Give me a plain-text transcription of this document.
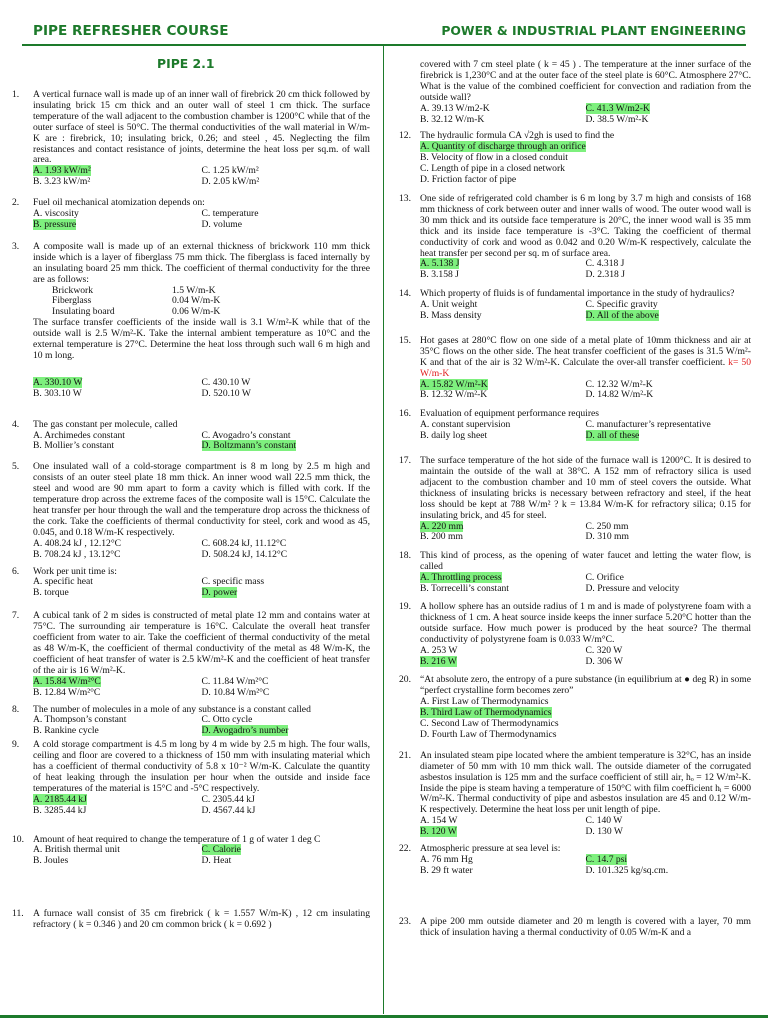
PIPE REFRESHER COURSE	POWER & INDUSTRIAL PLANT ENGINEERING
PIPE 2.1
1. A vertical furnace wall is made up of an inner wall of firebrick 20 cm thick followed by insulating brick 15 cm thick and an outer wall of steel 1 cm thick. The surface temperature of the wall adjacent to the combustion chamber is 1200°C while that of the outer surface of steel is 50°C. The thermal conductivities of the wall material in W/m-K are : firebrick, 10; insulating brick, 0.26; and steel , 45. Neglecting the film resistances and contact resistance of joints, determine the heat loss per sq.m. of wall area.
A. 1.93 kW/m²	C. 1.25 kW/m²
B. 3.23 kW/m²	D. 2.05 kW/m²
2. Fuel oil mechanical atomization depends on:
A. viscosity	C. temperature
B. pressure	D. volume
3. A composite wall is made up of an external thickness of brickwork 110 mm thick inside which is a layer of fiberglass 75 mm thick. The fiberglass is faced internally by an insulating board 25 mm thick. The coefficient of thermal conductivity for the three are as follows:
Brickwork	1.5 W/m-K
Fiberglass	0.04 W/m-K
Insulating board	0.06 W/m-K
The surface transfer coefficients of the inside wall is 3.1 W/m²-K while that of the outside wall is 2.5 W/m²-K. Take the internal ambient temperature as 10°C and the external temperature is 27°C. Determine the heat loss through such wall 6 m high and 10 m long.
A. 330.10 W	C. 430.10 W
B. 303.10 W	D. 520.10 W
4. The gas constant per molecule, called
A. Archimedes constant	C. Avogadro’s constant
B. Mollier’s constant	D. Boltzmann’s constant
5. One insulated wall of a cold-storage compartment is 8 m long by 2.5 m high and consists of an outer steel plate 18 mm thick. An inner wood wall 22.5 mm thick, the steel and wood are 90 mm apart to form a cavity which is filled with cork. If the temperature drop across the extreme faces of the composite wall is 15°C. Calculate the heat transfer per hour through the wall and the temperature drop across the thickness of the cork. Take the coefficients of thermal conductivity for steel, cork and wood as 45, 0.045, and 0.18 W/m-K respectively.
A. 408.24 kJ , 12.12°C	C. 608.24 kJ, 11.12°C
B. 708.24 kJ , 13.12°C	D. 508.24 kJ, 14.12°C
6. Work per unit time is:
A. specific heat	C. specific mass
B. torque	D. power
7. A cubical tank of 2 m sides is constructed of metal plate 12 mm and contains water at 75°C. The surrounding air temperature is 16°C. Calculate the overall heat transfer coefficient from water to air. Take the coefficient of thermal conductivity of the metal as 48 W/m-K, the coefficient of thermal conductivity of the metal as 48 W/m-K, the coefficient of heat transfer of water is 2.5 kW/m²-K and the coefficient of heat transfer of the air is 16 W/m²-K.
A. 15.84 W/m²°C	C. 11.84 W/m²°C
B. 12.84 W/m²°C	D. 10.84 W/m²°C
8. The number of molecules in a mole of any substance is a constant called
A. Thompson’s constant	C. Otto cycle
B. Rankine cycle	D. Avogadro’s number
9. A cold storage compartment is 4.5 m long by 4 m wide by 2.5 m high. The four walls, ceiling and floor are covered to a thickness of 150 mm with insulating material which has a coefficient of thermal conductivity of 5.8 x 10⁻² W/m-K. Calculate the quantity of heat leaking through the insulation per hour when the outside and inside face temperatures of the material is 15°C and -5°C respectively.
A. 2185.44 kJ	C. 2305.44 kJ
B. 3285.44 kJ	D. 4567.44 kJ
10. Amount of heat required to change the temperature of 1 g of water 1 deg C
A. British thermal unit	C. Calorie
B. Joules	D. Heat
11. A furnace wall consist of 35 cm firebrick ( k = 1.557 W/m-K) , 12 cm insulating refractory ( k = 0.346 ) and 20 cm common brick ( k = 0.692 )
covered with 7 cm steel plate ( k = 45 ) . The temperature at the inner surface of the firebrick is 1,230°C and at the outer face of the steel plate is 60°C. Atmosphere 27°C. What is the value of the combined coefficient for convection and radiation from the outside wall?
A. 39.13 W/m2-K	C. 41.3 W/m2-K
B. 32.12 W/m-K	D. 38.5 W/m²-K
12. The hydraulic formula CA √2gh is used to find the
A. Quantity of discharge through an orifice
B. Velocity of flow in a closed conduit
C. Length of pipe in a closed network
D. Friction factor of pipe
13. One side of refrigerated cold chamber is 6 m long by 3.7 m high and consists of 168 mm thickness of cork between outer and inner walls of wood. The outer wood wall is 30 mm thick and its outside face temperature is 20°C, the inner wood wall is 35 mm thick and its inside face temperature is -3°C. Taking the coefficient of thermal conductivity of cork and wood as 0.042 and 0.20 W/m-K respectively, calculate the heat transfer per second per sq. m of surface area.
A. 5.138 J	C. 4.318 J
B. 3.158 J	D. 2.318 J
14. Which property of fluids is of fundamental importance in the study of hydraulics?
A. Unit weight	C. Specific gravity
B. Mass density	D. All of the above
15. Hot gases at 280°C flow on one side of a metal plate of 10mm thickness and air at 35°C flows on the other side. The heat transfer coefficient of the gases is 31.5 W/m²-K and that of the air is 32 W/m²-K. Calculate the over-all transfer coefficient. k= 50 W/m-K
A. 15.82 W/m²-K	C. 12.32 W/m²-K
B. 12.32 W/m²-K	D. 14.82 W/m²-K
16. Evaluation of equipment performance requires
A. constant supervision	C. manufacturer’s representative
B. daily log sheet	D. all of these
17. The surface temperature of the hot side of the furnace wall is 1200°C. It is desired to maintain the outside of the wall at 38°C. A 152 mm of refractory silica is used adjacent to the combustion chamber and 10 mm of steel covers the outside. What thickness of insulating bricks is necessary between refractory and steel, if the heat loss should be kept at 788 W/m² ? k = 13.84 W/m-K for refractory silica; 0.15 for insulating brick, and 45 for steel.
A. 220 mm	C. 250 mm
B. 200 mm	D. 310 mm
18. This kind of process, as the opening of water faucet and letting the water flow, is called
A. Throttling process	C. Orifice
B. Torrecelli’s constant	D. Pressure and velocity
19. A hollow sphere has an outside radius of 1 m and is made of polystyrene foam with a thickness of 1 cm. A heat source inside keeps the inner surface 5.20°C hotter than the outside surface. How much power is produced by the heat source? The thermal conductivity of polystyrene foam is 0.033 W/m°C.
A. 253 W	C. 320 W
B. 216 W	D. 306 W
20. “At absolute zero, the entropy of a pure substance (in equilibrium at ● deg R) in some “perfect crystalline form becomes zero”
A. First Law of Thermodynamics
B. Third Law of Thermodynamics
C. Second Law of Thermodynamics
D. Fourth Law of Thermodynamics
21. An insulated steam pipe located where the ambient temperature is 32°C, has an inside diameter of 50 mm with 10 mm thick wall. The outside diameter of the corrugated asbestos insulation is 125 mm and the surface coefficient of still air, hₒ = 12 W/m²-K. Inside the pipe is steam having a temperature of 150°C with film coefficient hᵢ = 6000 W/m²-K. Thermal conductivity of pipe and asbestos insulation are 45 and 0.12 W/m-K respectively. Determine the heat loss per unit length of pipe.
A. 154 W	C. 140 W
B. 120 W	D. 130 W
22. Atmospheric pressure at sea level is:
A. 76 mm Hg	C. 14.7 psi
B. 29 ft water	D. 101.325 kg/sq.cm.
23. A pipe 200 mm outside diameter and 20 m length is covered with a layer, 70 mm thick of insulation having a thermal conductivity of 0.05 W/m-K and a
